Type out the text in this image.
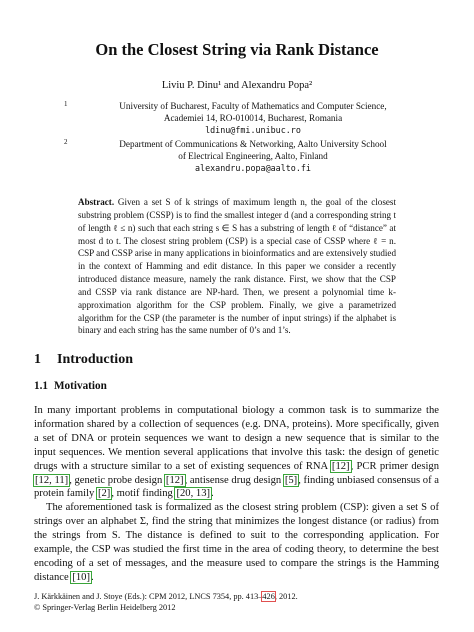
On the Closest String via Rank Distance
Liviu P. Dinu¹ and Alexandru Popa²
1	University of Bucharest, Faculty of Mathematics and Computer Science,
Academiei 14, RO-010014, Bucharest, Romania
ldinu@fmi.unibuc.ro
2	Department of Communications & Networking, Aalto University School
of Electrical Engineering, Aalto, Finland
alexandru.popa@aalto.fi
Abstract. Given a set S of k strings of maximum length n, the goal of the closest substring problem (CSSP) is to find the smallest integer d (and a corresponding string t of length ℓ ≤ n) such that each string s ∈ S has a substring of length ℓ of “distance” at most d to t. The closest string problem (CSP) is a special case of CSSP where ℓ = n. CSP and CSSP arise in many applications in bioinformatics and are extensively studied in the context of Hamming and edit distance. In this paper we consider a recently introduced distance measure, namely the rank distance. First, we show that the CSP and CSSP via rank distance are NP-hard. Then, we present a polynomial time k-approximation algorithm for the CSP problem. Finally, we give a parametrized algorithm for the CSP (the parameter is the number of input strings) if the alphabet is binary and each string has the same number of 0’s and 1’s.
1 Introduction
1.1 Motivation

In many important problems in computational biology a common task is to summarize the information shared by a collection of sequences (e.g. DNA, proteins). More specifically, given a set of DNA or protein sequences we want to design a new sequence that is similar to the input sequences. We mention several applications that involve this task: the design of genetic drugs with a structure similar to a set of existing sequences of RNA [12], PCR primer design [12, 11], genetic probe design [12], antisense drug design [5], finding unbiased consensus of a protein family [2], motif finding [20, 13].

The aforementioned task is formalized as the closest string problem (CSP): given a set S of strings over an alphabet Σ, find the string that minimizes the longest distance (or radius) from the strings from S. The distance is defined to suit to the corresponding application. For example, the CSP was studied the first time in the area of coding theory, to determine the best encoding of a set of messages, and the measure used to compare the strings is the Hamming distance [10].

J. Kärkkäinen and J. Stoye (Eds.): CPM 2012, LNCS 7354, pp. 413–426, 2012.
© Springer-Verlag Berlin Heidelberg 2012
